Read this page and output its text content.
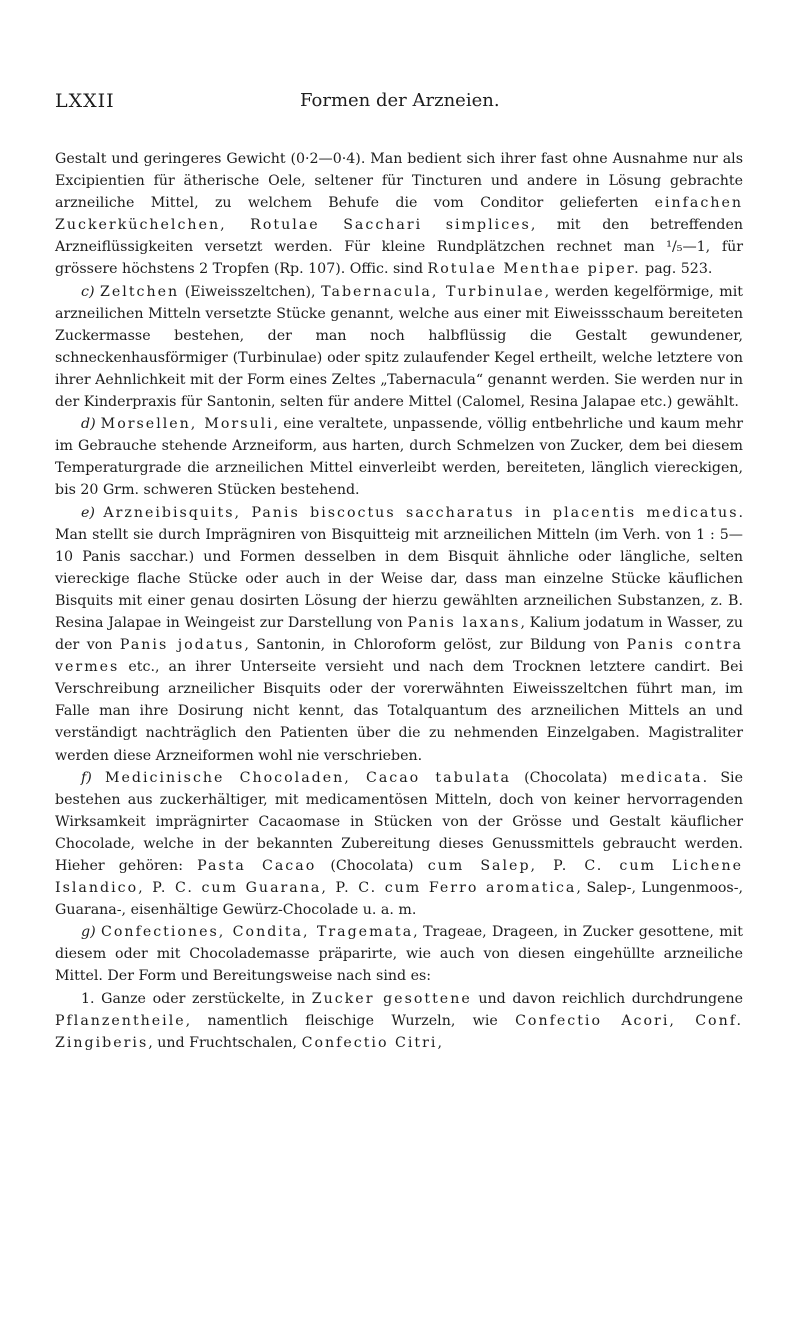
LXXII	Formen der Arzneien.

Gestalt und geringeres Gewicht (0·2—0·4). Man bedient sich ihrer fast ohne Ausnahme nur als Excipientien für ätherische Oele, seltener für Tincturen und andere in Lösung gebrachte arzneiliche Mittel, zu welchem Behufe die vom Conditor gelieferten einfachen Zuckerküchelchen, Rotulae Sacchari simplices, mit den betreffenden Arzneiflüssigkeiten versetzt werden. Für kleine Rundplätzchen rechnet man ¹/₅—1, für grössere höchstens 2 Tropfen (Rp. 107). Offic. sind Rotulae Menthae piper. pag. 523.

c) Zeltchen (Eiweisszeltchen), Tabernacula, Turbinulae, werden kegelförmige, mit arzneilichen Mitteln versetzte Stücke genannt, welche aus einer mit Eiweissschaum bereiteten Zuckermasse bestehen, der man noch halbflüssig die Gestalt gewundener, schneckenhausförmiger (Turbinulae) oder spitz zulaufender Kegel ertheilt, welche letztere von ihrer Aehnlichkeit mit der Form eines Zeltes „Tabernacula“ genannt werden. Sie werden nur in der Kinderpraxis für Santonin, selten für andere Mittel (Calomel, Resina Jalapae etc.) gewählt.

d) Morsellen, Morsuli, eine veraltete, unpassende, völlig entbehrliche und kaum mehr im Gebrauche stehende Arzneiform, aus harten, durch Schmelzen von Zucker, dem bei diesem Temperaturgrade die arzneilichen Mittel einverleibt werden, bereiteten, länglich viereckigen, bis 20 Grm. schweren Stücken bestehend.

e) Arzneibisquits, Panis biscoctus saccharatus in placentis medicatus. Man stellt sie durch Imprägniren von Bisquitteig mit arzneilichen Mitteln (im Verh. von 1 : 5—10 Panis sacchar.) und Formen desselben in dem Bisquit ähnliche oder längliche, selten viereckige flache Stücke oder auch in der Weise dar, dass man einzelne Stücke käuflichen Bisquits mit einer genau dosirten Lösung der hierzu gewählten arzneilichen Substanzen, z. B. Resina Jalapae in Weingeist zur Darstellung von Panis laxans, Kalium jodatum in Wasser, zu der von Panis jodatus, Santonin, in Chloroform gelöst, zur Bildung von Panis contra vermes etc., an ihrer Unterseite versieht und nach dem Trocknen letztere candirt. Bei Verschreibung arzneilicher Bisquits oder der vorerwähnten Eiweisszeltchen führt man, im Falle man ihre Dosirung nicht kennt, das Totalquantum des arzneilichen Mittels an und verständigt nachträglich den Patienten über die zu nehmenden Einzelgaben. Magistraliter werden diese Arzneiformen wohl nie verschrieben.

f) Medicinische Chocoladen, Cacao tabulata (Chocolata) medicata. Sie bestehen aus zuckerhältiger, mit medicamentösen Mitteln, doch von keiner hervorragenden Wirksamkeit imprägnirter Cacaomase in Stücken von der Grösse und Gestalt käuflicher Chocolade, welche in der bekannten Zubereitung dieses Genussmittels gebraucht werden. Hieher gehören: Pasta Cacao (Chocolata) cum Salep, P. C. cum Lichene Islandico, P. C. cum Guarana, P. C. cum Ferro aromatica, Salep-, Lungenmoos-, Guarana-, eisenhältige Gewürz-Chocolade u. a. m.

g) Confectiones, Condita, Tragemata, Trageae, Drageen, in Zucker gesottene, mit diesem oder mit Chocolademasse präparirte, wie auch von diesen eingehüllte arzneiliche Mittel. Der Form und Bereitungsweise nach sind es:

1. Ganze oder zerstückelte, in Zucker gesottene und davon reichlich durchdrungene Pflanzentheile, namentlich fleischige Wurzeln, wie Confectio Acori, Conf. Zingiberis, und Fruchtschalen, Confectio Citri,
